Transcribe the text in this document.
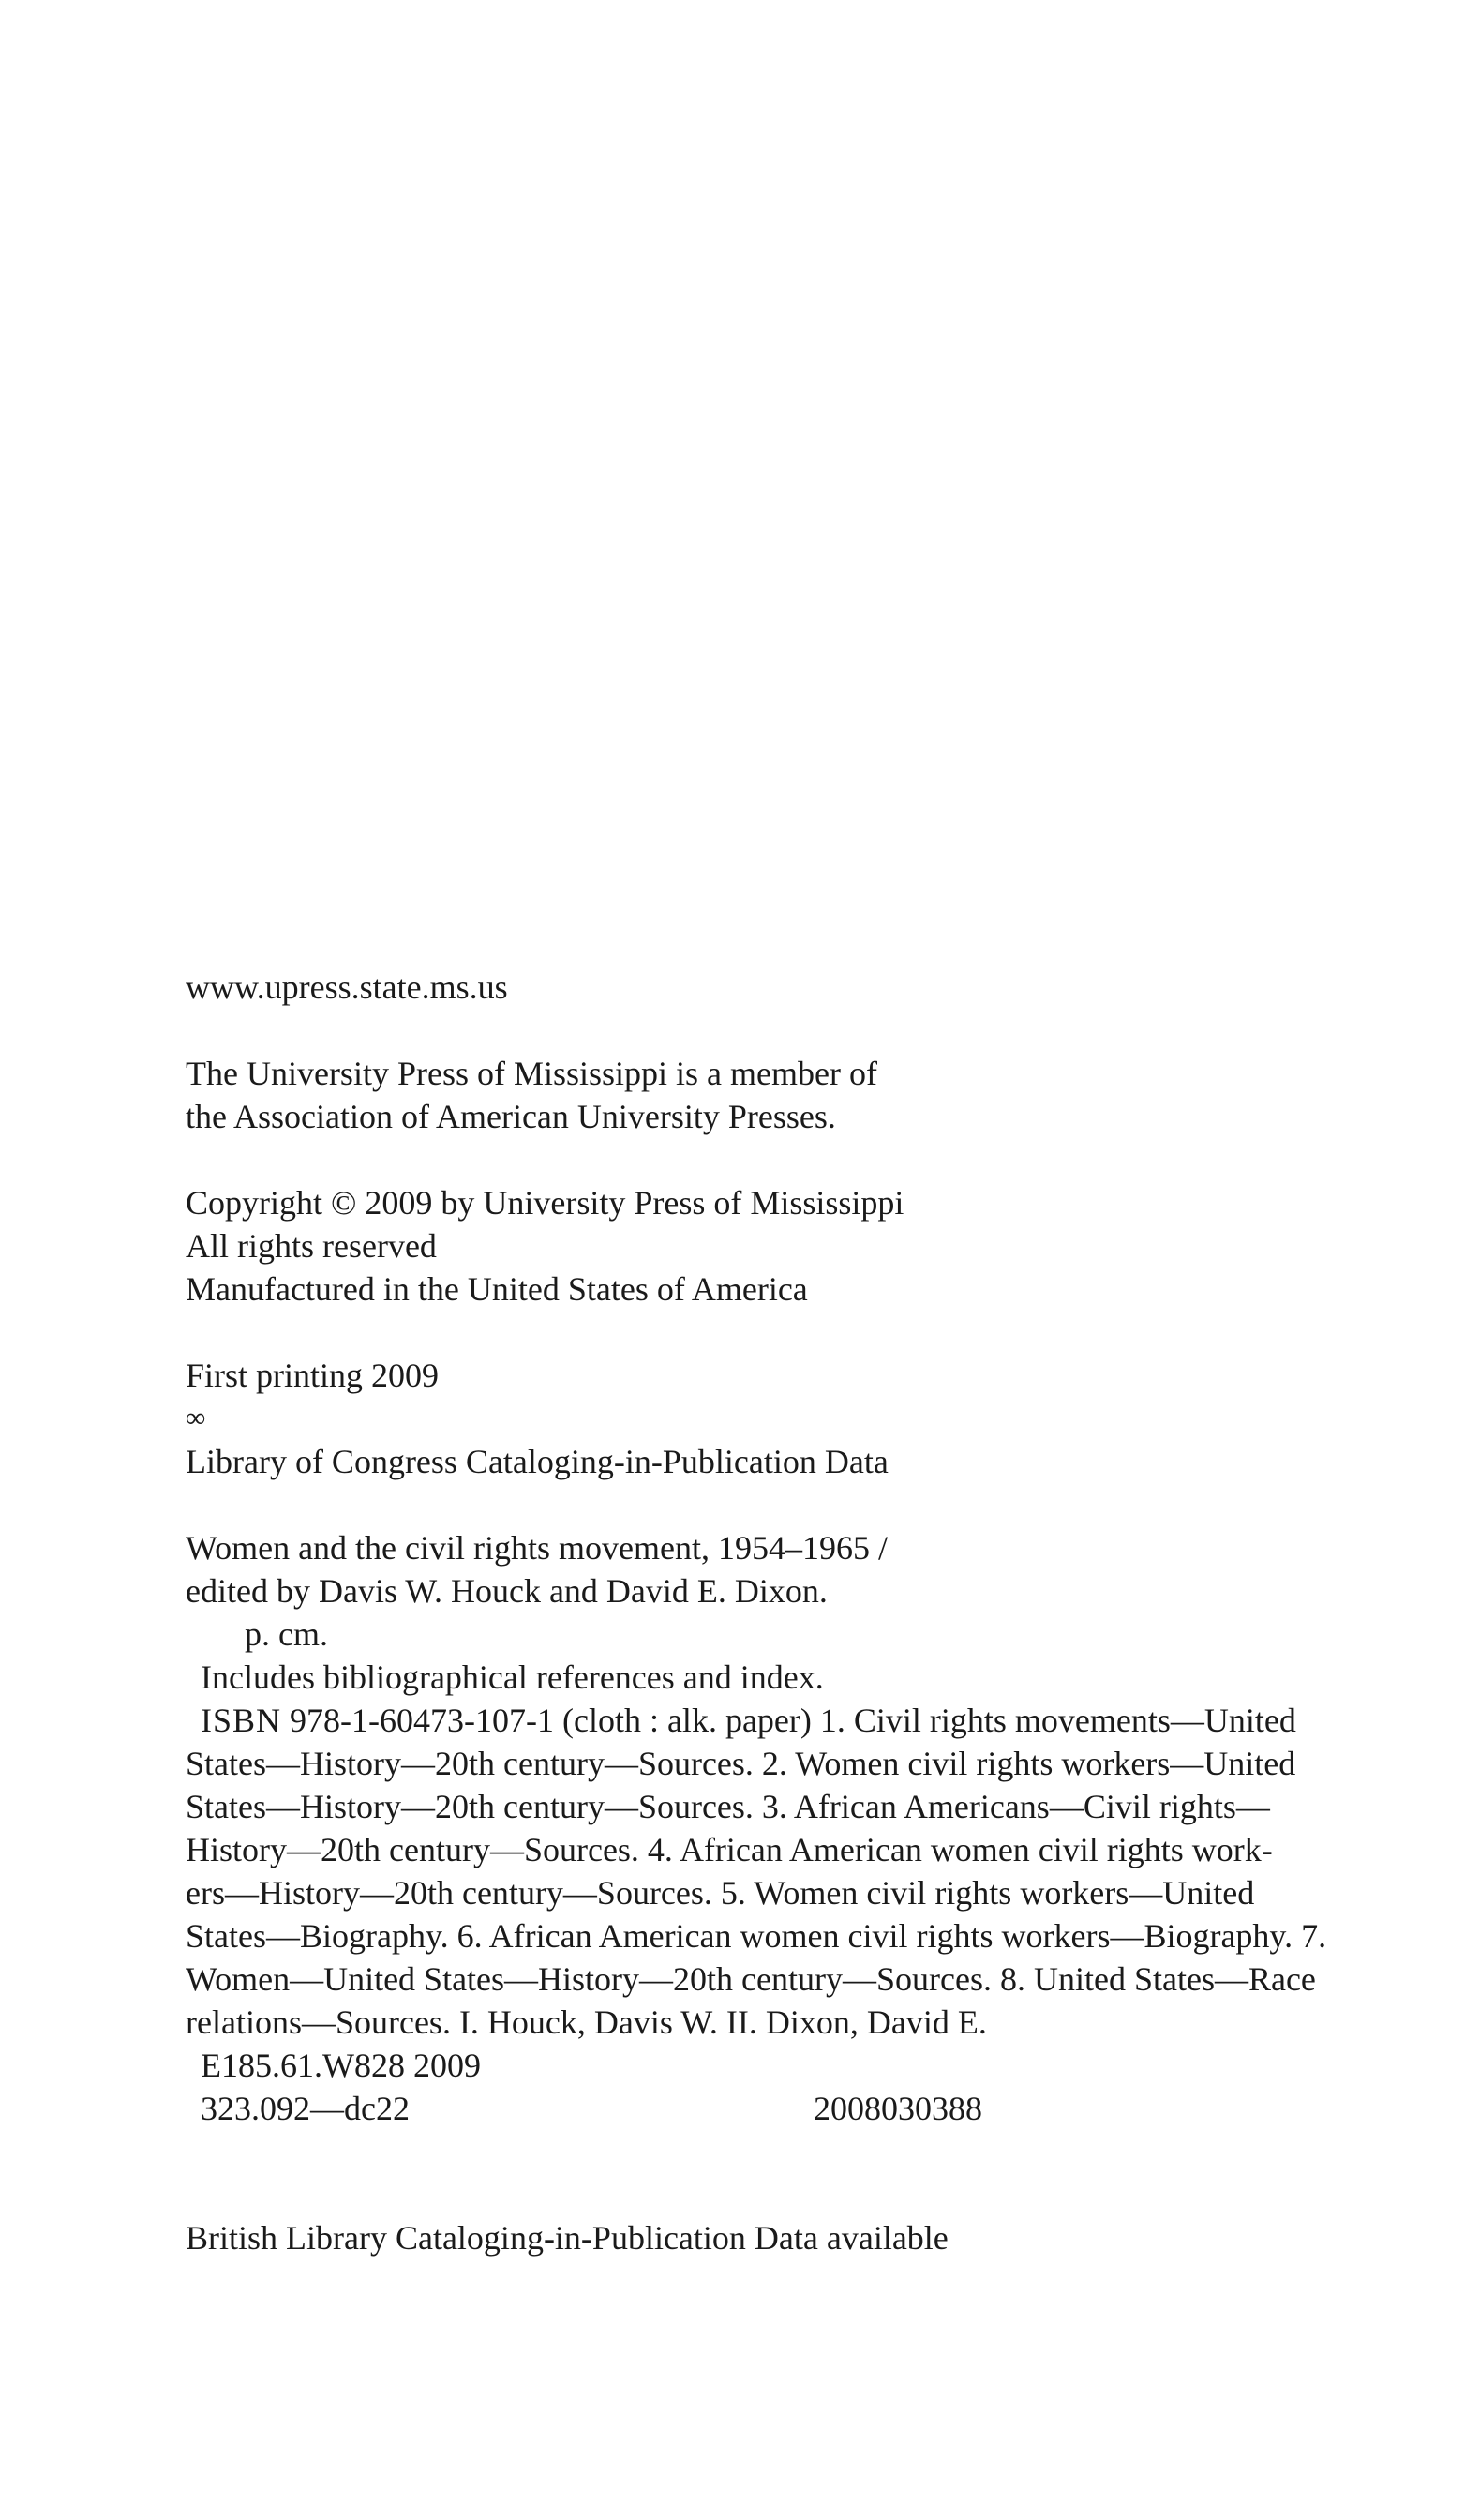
www.upress.state.ms.us
The University Press of Mississippi is a member of
the Association of American University Presses.
Copyright © 2009 by University Press of Mississippi
All rights reserved
Manufactured in the United States of America
First printing 2009
∞
Library of Congress Cataloging-in-Publication Data
Women and the civil rights movement, 1954–1965 /
edited by Davis W. Houck and David E. Dixon.
p. cm.
Includes bibliographical references and index.
ISBN 978-1-60473-107-1 (cloth : alk. paper) 1. Civil rights movements—United
States—History—20th century—Sources. 2. Women civil rights workers—United
States—History—20th century—Sources. 3. African Americans—Civil rights—
History—20th century—Sources. 4. African American women civil rights work-
ers—History—20th century—Sources. 5. Women civil rights workers—United
States—Biography. 6. African American women civil rights workers—Biography. 7.
Women—United States—History—20th century—Sources. 8. United States—Race
relations—Sources. I. Houck, Davis W. II. Dixon, David E.
E185.61.W828 2009
323.092—dc22	2008030388
British Library Cataloging-in-Publication Data available
